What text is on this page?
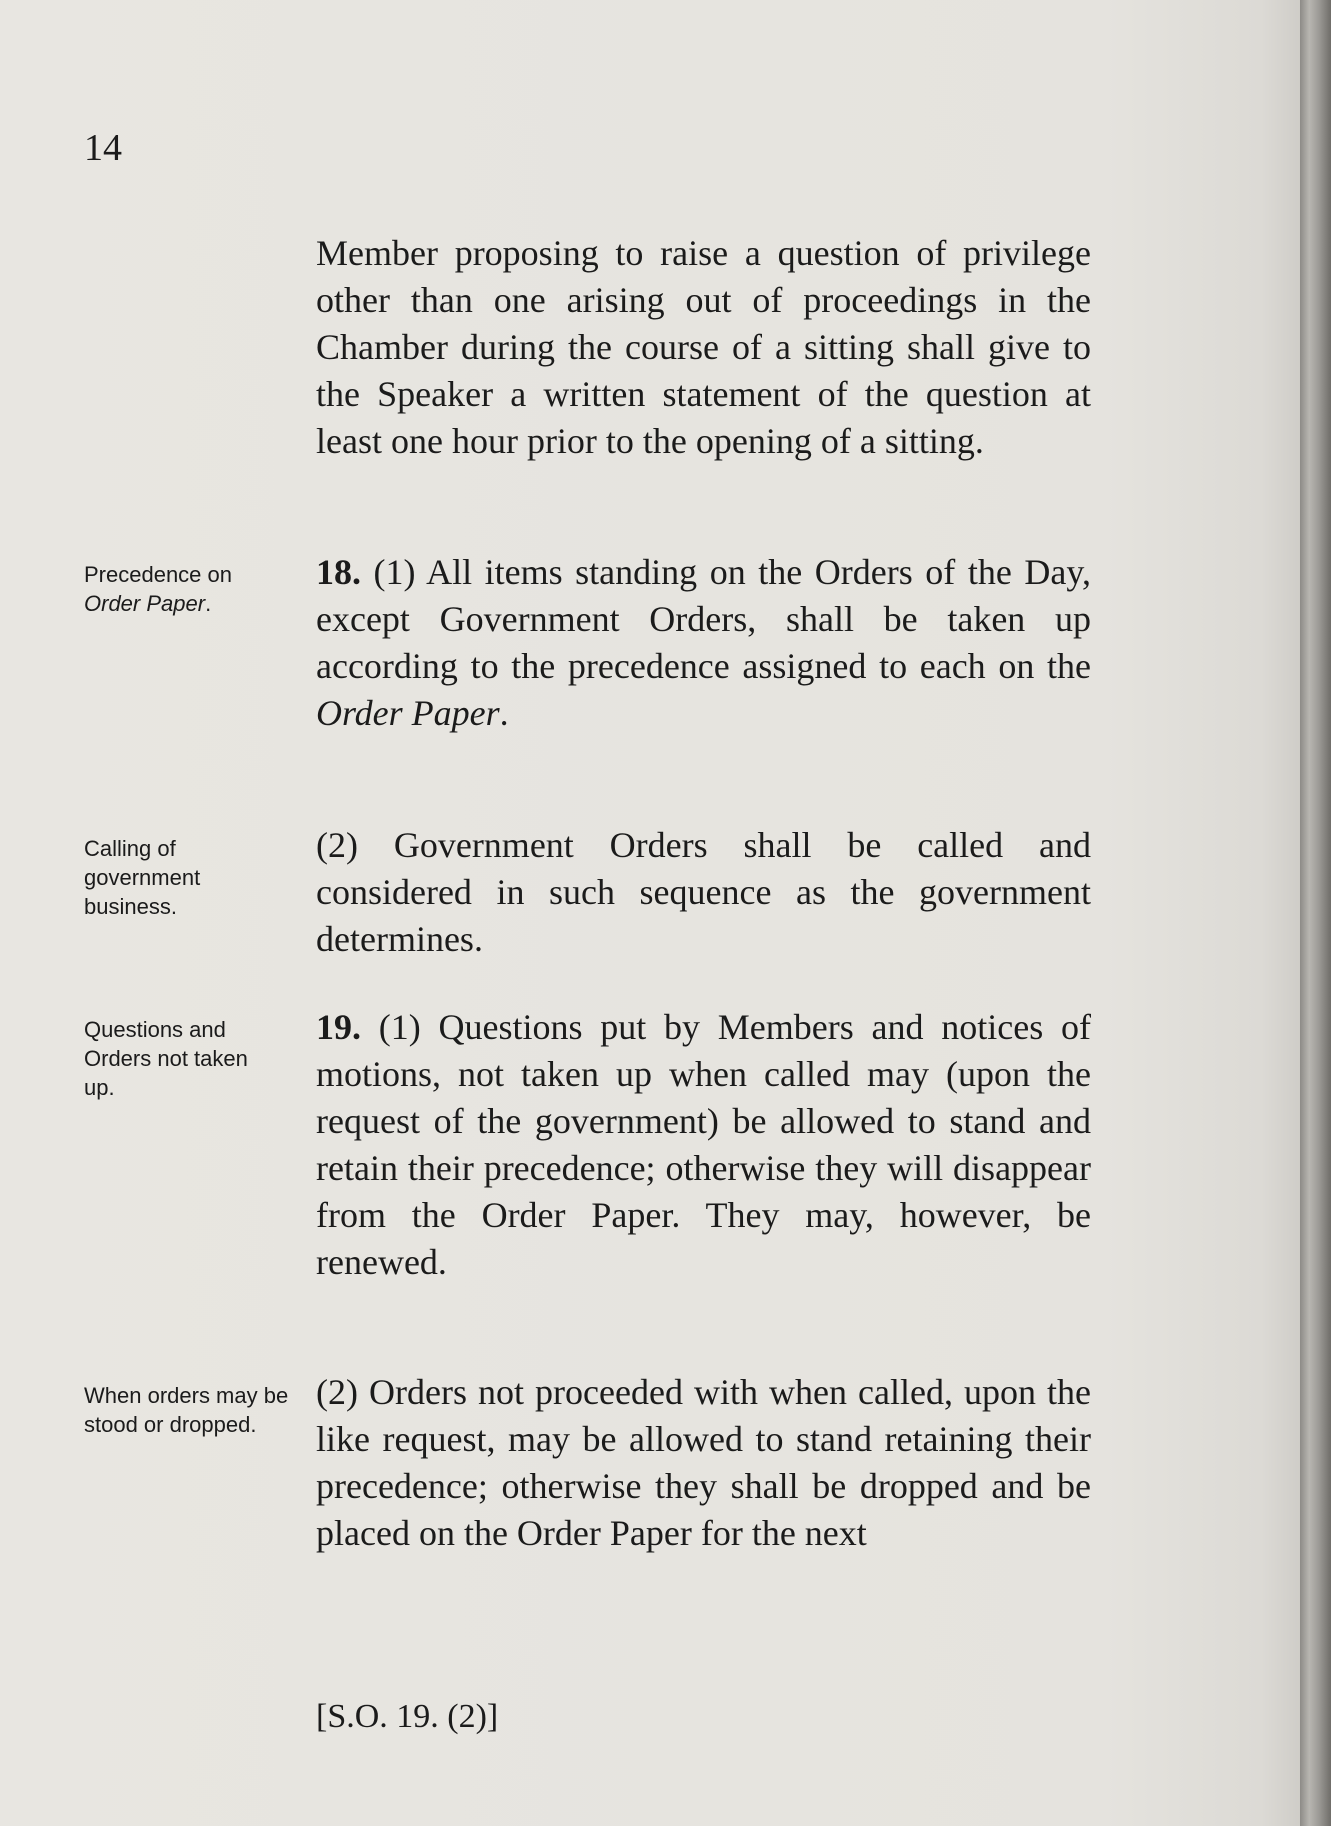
14

Member proposing to raise a question of privilege other than one arising out of proceedings in the Chamber during the course of a sitting shall give to the Speaker a written statement of the question at least one hour prior to the opening of a sitting.

Precedence on
Order Paper.

18. (1) All items standing on the Orders of the Day, except Government Orders, shall be taken up according to the precedence assigned to each on the Order Paper.

Calling of government business.

(2) Government Orders shall be called and considered in such sequence as the government determines.

Questions and Orders not taken up.

19. (1) Questions put by Members and notices of motions, not taken up when called may (upon the request of the government) be allowed to stand and retain their precedence; otherwise they will disappear from the Order Paper. They may, however, be renewed.

When orders may be stood or dropped.

(2) Orders not proceeded with when called, upon the like request, may be allowed to stand retaining their precedence; otherwise they shall be dropped and be placed on the Order Paper for the next

[S.O. 19. (2)]
